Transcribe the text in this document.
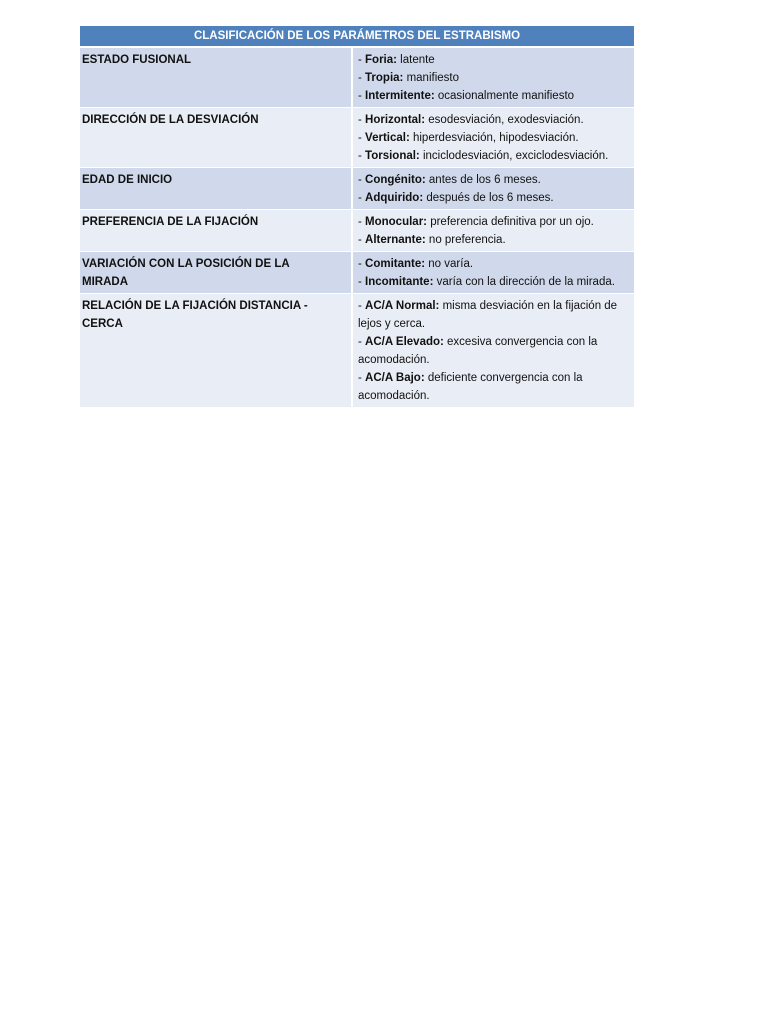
CLASIFICACIÓN DE LOS PARÁMETROS DEL ESTRABISMO	
ESTADO FUSIONAL	- Foria: latente
- Tropia: manifiesto
- Intermitente: ocasionalmente manifiesto

DIRECCIÓN DE LA DESVIACIÓN	- Horizontal: esodesviación, exodesviación.
- Vertical: hiperdesviación, hipodesviación.
- Torsional: inciclodesviación, exciclodesviación.

EDAD DE INICIO	- Congénito: antes de los 6 meses.
- Adquirido: después de los 6 meses.

PREFERENCIA DE LA FIJACIÓN	- Monocular: preferencia definitiva por un ojo.
- Alternante: no preferencia.

VARIACIÓN CON LA POSICIÓN DE LA MIRADA	- Comitante: no varía.
- Incomitante: varía con la dirección de la mirada.

RELACIÓN DE LA FIJACIÓN DISTANCIA - CERCA	- AC/A Normal: misma desviación en la fijación de lejos y cerca.
- AC/A Elevado: excesiva convergencia con la acomodación.
- AC/A Bajo: deficiente convergencia con la acomodación.
